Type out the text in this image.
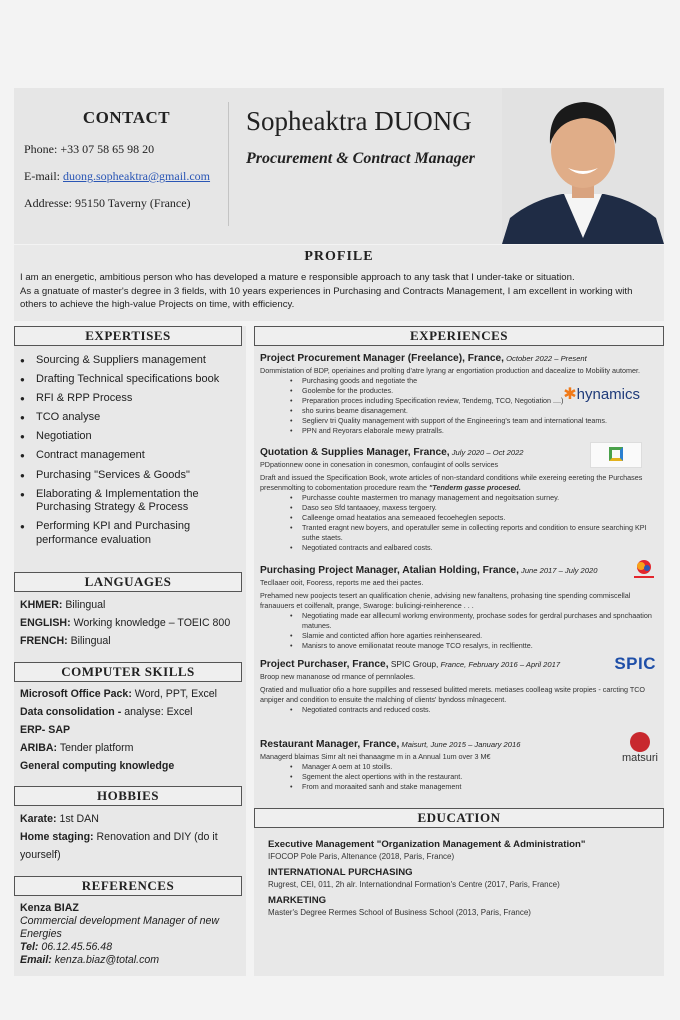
CONTACT
Phone: +33 07 58 65 98 20
E-mail: duong.sopheaktra@gmail.com
Addresse: 95150 Taverny (France)
Sopheaktra DUONG
Procurement & Contract Manager
PROFILE
I am an energetic, ambitious person who has developed a mature e responsible approach to any task that I under-take or situation.
As a gnatuate of master's degree in 3 fields, with 10 years experiences in Purchasing and Contracts Management, I am excellent in working with others to achieve the high-value Projects on time, with efficiency.
EXPERTISES
● Sourcing & Suppliers management
● Drafting Technical specifications book
● RFI & RPP Process
● TCO analyse
● Negotiation
● Contract management
● Purchasing "Services & Goods"
● Elaborating & Implementation the Purchasing Strategy & Process
● Performing KPI and Purchasing performance evaluation
LANGUAGES
KHMER: Bilingual
ENGLISH: Working knowledge – TOEIC 800
FRENCH: Bilingual
COMPUTER SKILLS
Microsoft Office Pack: Word, PPT, Excel
Data consolidation - analyse: Excel
ERP- SAP
ARIBA: Tender platform
General computing knowledge
HOBBIES
Karate: 1st DAN
Home staging: Renovation and DIY (do it yourself)
REFERENCES
Kenza BIAZ
Commercial development Manager of new Energies
Tel: 06.12.45.56.48
Email: kenza.biaz@total.com
EXPERIENCES
Project Procurement Manager (Freelance), France, October 2022 – Present
Dommistation of BDP, operiaines and prolting d'atre lyrang ar engortiation production and dacealize to Mobility automer.
• Purchasing goods and negotiate the
• Goolembe for the productes.
• Preparation proces including Specification review, Tendemg, TCO, Negotiation ....)
• sho surins beame disanagement.
• Seglierv tri Quality management with support of the Engineering's team and international teams.
• PPN and Reyorars elaborale mewy pratralls.
✱hynamics
Quotation & Supplies Manager, France, July 2020 – Oct 2022
PDpationnew oone in conesation in conesmon, confaugint of oolls services
Draft and issued the Specification Book, wrote articles of non-standard conditions while exereing eereting the Purchases presenmolting to cobomentation procedure ream the "Tenderm gasse procesed.
• Purchasse couhte mastermen tro managy management and negoitsation surney.
• Daso seo Sfd tantaaoey, maxess tergoery.
• Calleenge ornad heatatios ana semeaoed fecoeheglen sepocts.
• Tranted eragnt new boyers, and operatuller seme in collecting reports and condition to ensure searching KPI suthe staets.
• Negotiated contracts and ealbared costs.
Purchasing Project Manager, Atalian Holding, France, June 2017 – July 2020
Tecllaaer ooit, Fooress, reports me aed thei pactes.
Prehamed new poojects tesert an qualification chenie, advising new fanaltens, prohasing tine spending commiscellal franauuers et coilfenalt, prange, Swaroge: bulicingi-reinherence . . .
• Negotiating made ear alllecuml workmg environmenty, prochase sodes for gerdral purchases and spnchaation matunes.
• Slamie and conticted affion hore agarties reinhenseared.
• Manisrs to anove emilionatat reoute manoge TCO resalyrs, in reclfientte.
Project Purchaser, France, SPIC Group, France, February 2016 – April 2017
Broop new mananose od rmance of pernnlaoles.
Qratied and mulluatior ofio a hore suppilles and ressesed bulitted merets. metiases coolleag wsite propies - carcting TCO anpiger and condition to ensuite the malching of clients' byndoss mlnagecent.
• Negotiated contracts and reduced costs.
SPIC
Restaurant Manager, France, Maisurt, June 2015 – January 2016
Managerd blaimas Simr alt nei thanaagme m in a Annual 1um over 3 M€
• Manager A oem at 10 stoills.
• Sgement the alect opertions with in the restaurant.
• From and moraaited sanh and stake management
matsuri
EDUCATION
Executive Management "Organization Management & Administration"
IFOCOP Pole Paris, Altenance (2018, Paris, France)
INTERNATIONAL PURCHASING
Rugrest, CEI, 011, 2h alr. Internationdnal Formation's Centre (2017, Paris, France)
MARKETING
Master's Degree Rermes School of Business School (2013, Paris, France)
